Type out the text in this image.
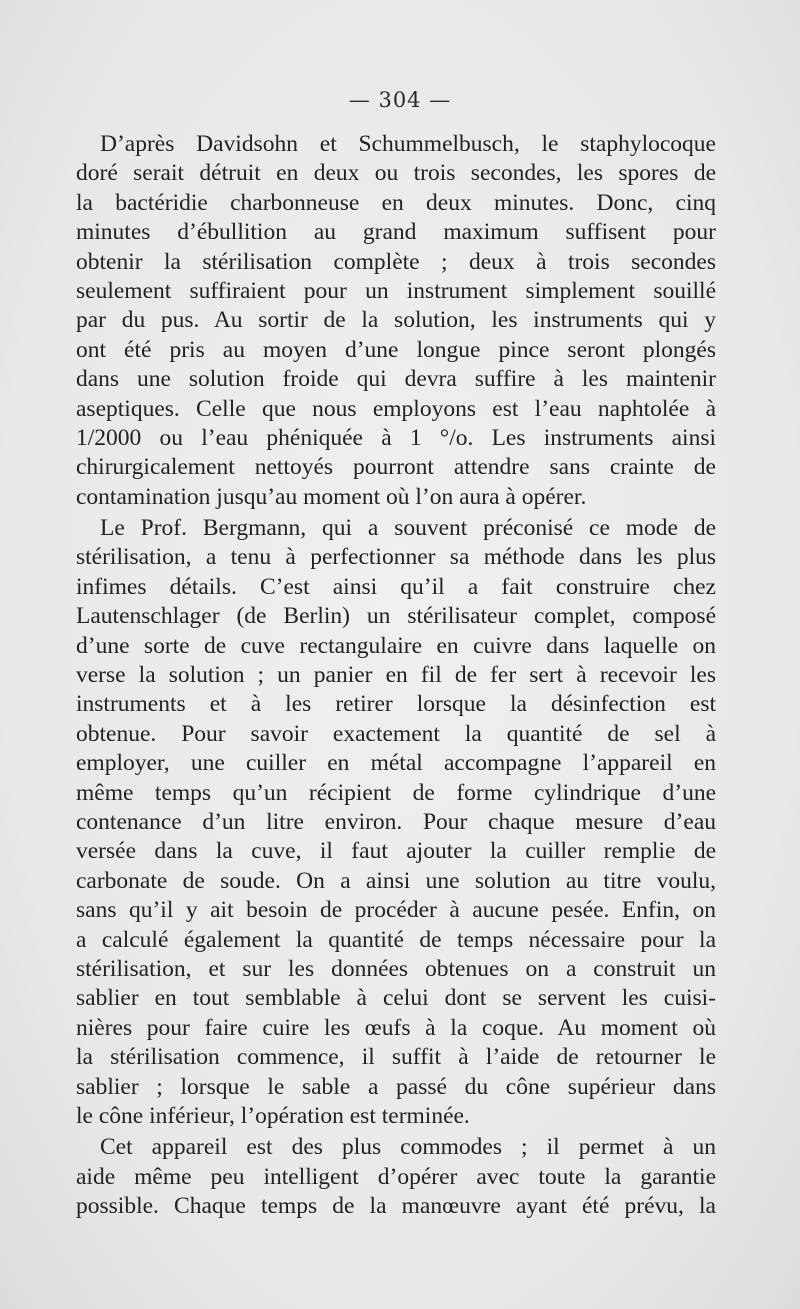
— 304 —
D’après Davidsohn et Schummelbusch, le staphylocoque
doré serait détruit en deux ou trois secondes, les spores de
la bactéridie charbonneuse en deux minutes. Donc, cinq
minutes d’ébullition au grand maximum suffisent pour
obtenir la stérilisation complète ; deux à trois secondes
seulement suffiraient pour un instrument simplement souillé
par du pus. Au sortir de la solution, les instruments qui y
ont été pris au moyen d’une longue pince seront plongés
dans une solution froide qui devra suffire à les maintenir
aseptiques. Celle que nous employons est l’eau naphtolée à
1/2000 ou l’eau phéniquée à 1 °/o. Les instruments ainsi
chirurgicalement nettoyés pourront attendre sans crainte de
contamination jusqu’au moment où l’on aura à opérer.
Le Prof. Bergmann, qui a souvent préconisé ce mode de
stérilisation, a tenu à perfectionner sa méthode dans les plus
infimes détails. C’est ainsi qu’il a fait construire chez
Lautenschlager (de Berlin) un stérilisateur complet, composé
d’une sorte de cuve rectangulaire en cuivre dans laquelle on
verse la solution ; un panier en fil de fer sert à recevoir les
instruments et à les retirer lorsque la désinfection est
obtenue. Pour savoir exactement la quantité de sel à
employer, une cuiller en métal accompagne l’appareil en
même temps qu’un récipient de forme cylindrique d’une
contenance d’un litre environ. Pour chaque mesure d’eau
versée dans la cuve, il faut ajouter la cuiller remplie de
carbonate de soude. On a ainsi une solution au titre voulu,
sans qu’il y ait besoin de procéder à aucune pesée. Enfin, on
a calculé également la quantité de temps nécessaire pour la
stérilisation, et sur les données obtenues on a construit un
sablier en tout semblable à celui dont se servent les cuisi-
nières pour faire cuire les œufs à la coque. Au moment où
la stérilisation commence, il suffit à l’aide de retourner le
sablier ; lorsque le sable a passé du cône supérieur dans
le cône inférieur, l’opération est terminée.
Cet appareil est des plus commodes ; il permet à un
aide même peu intelligent d’opérer avec toute la garantie
possible. Chaque temps de la manœuvre ayant été prévu, la
